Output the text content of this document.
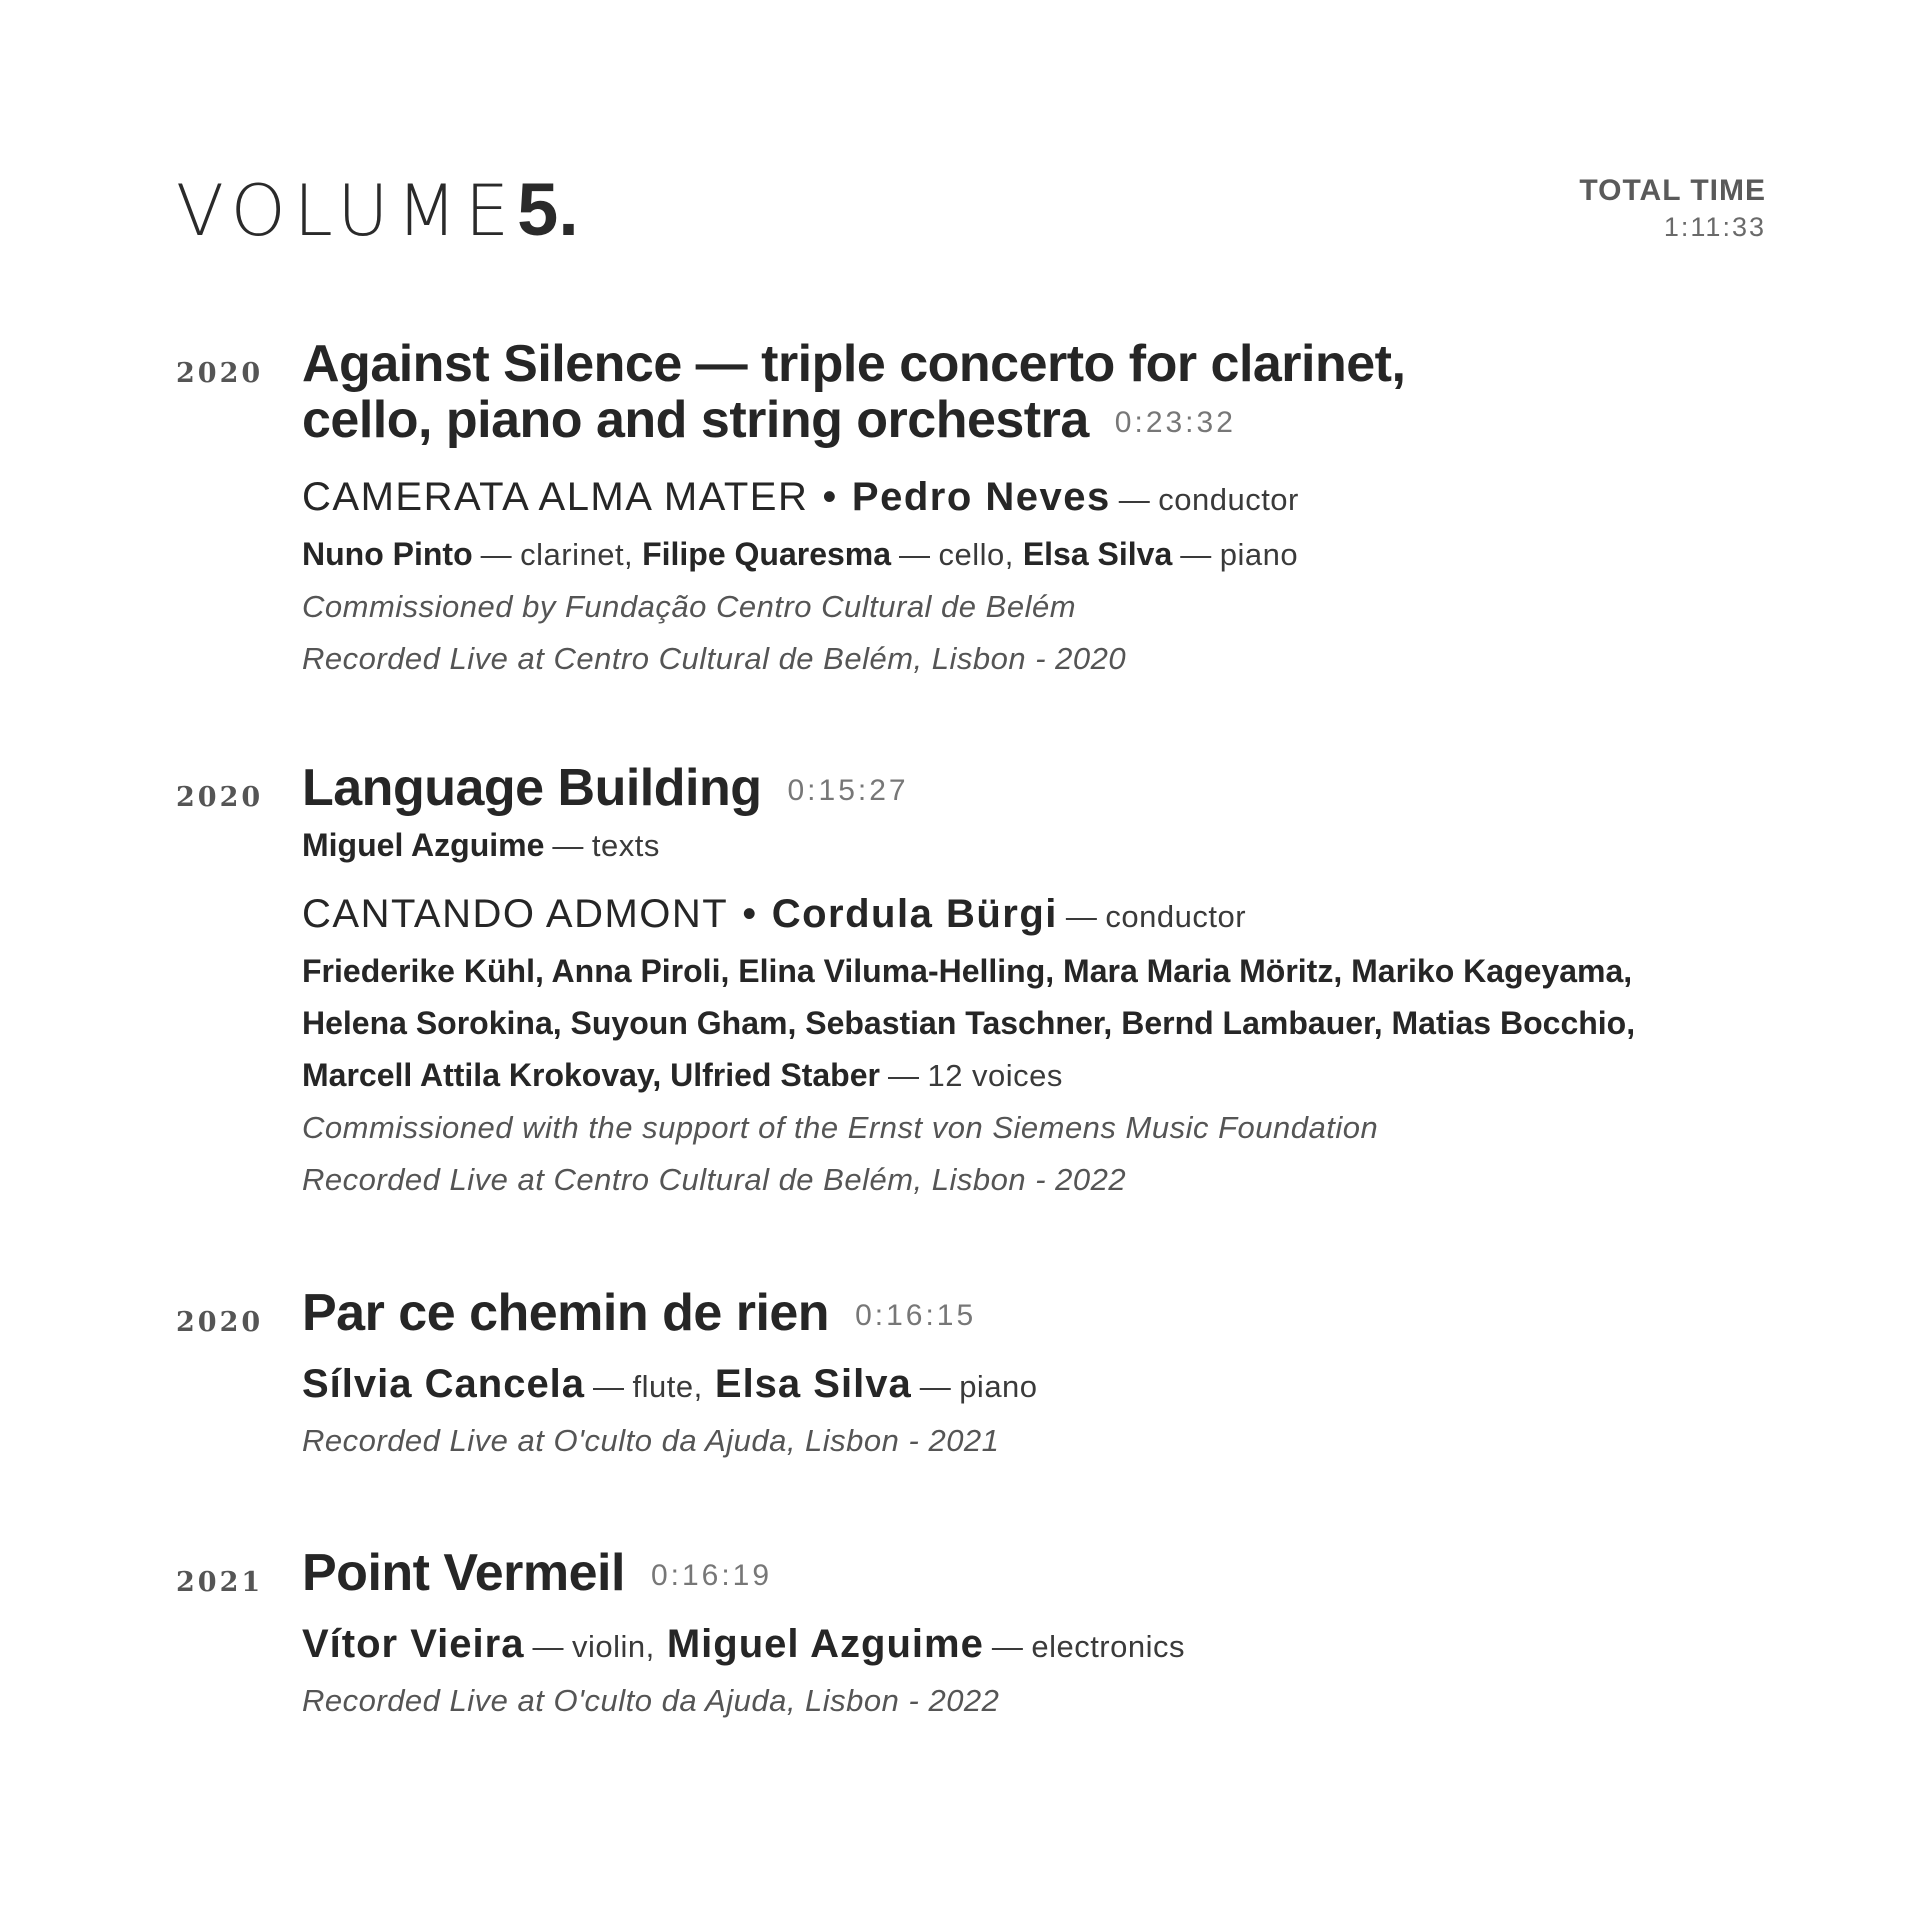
VOLUME5.	TOTAL TIME
1:11:33
2020 Against Silence — triple concerto for clarinet,
cello, piano and string orchestra 0:23:32
CAMERATA ALMA MATER • Pedro Neves — conductor
Nuno Pinto — clarinet, Filipe Quaresma — cello, Elsa Silva — piano
Commissioned by Fundação Centro Cultural de Belém
Recorded Live at Centro Cultural de Belém, Lisbon - 2020
2020 Language Building 0:15:27
Miguel Azguime — texts
CANTANDO ADMONT • Cordula Bürgi — conductor
Friederike Kühl, Anna Piroli, Elina Viluma-Helling, Mara Maria Möritz, Mariko Kageyama,
Helena Sorokina, Suyoun Gham, Sebastian Taschner, Bernd Lambauer, Matias Bocchio,
Marcell Attila Krokovay, Ulfried Staber — 12 voices
Commissioned with the support of the Ernst von Siemens Music Foundation
Recorded Live at Centro Cultural de Belém, Lisbon - 2022
2020 Par ce chemin de rien 0:16:15
Sílvia Cancela — flute, Elsa Silva — piano
Recorded Live at O'culto da Ajuda, Lisbon - 2021
2021 Point Vermeil 0:16:19
Vítor Vieira — violin, Miguel Azguime — electronics
Recorded Live at O'culto da Ajuda, Lisbon - 2022
